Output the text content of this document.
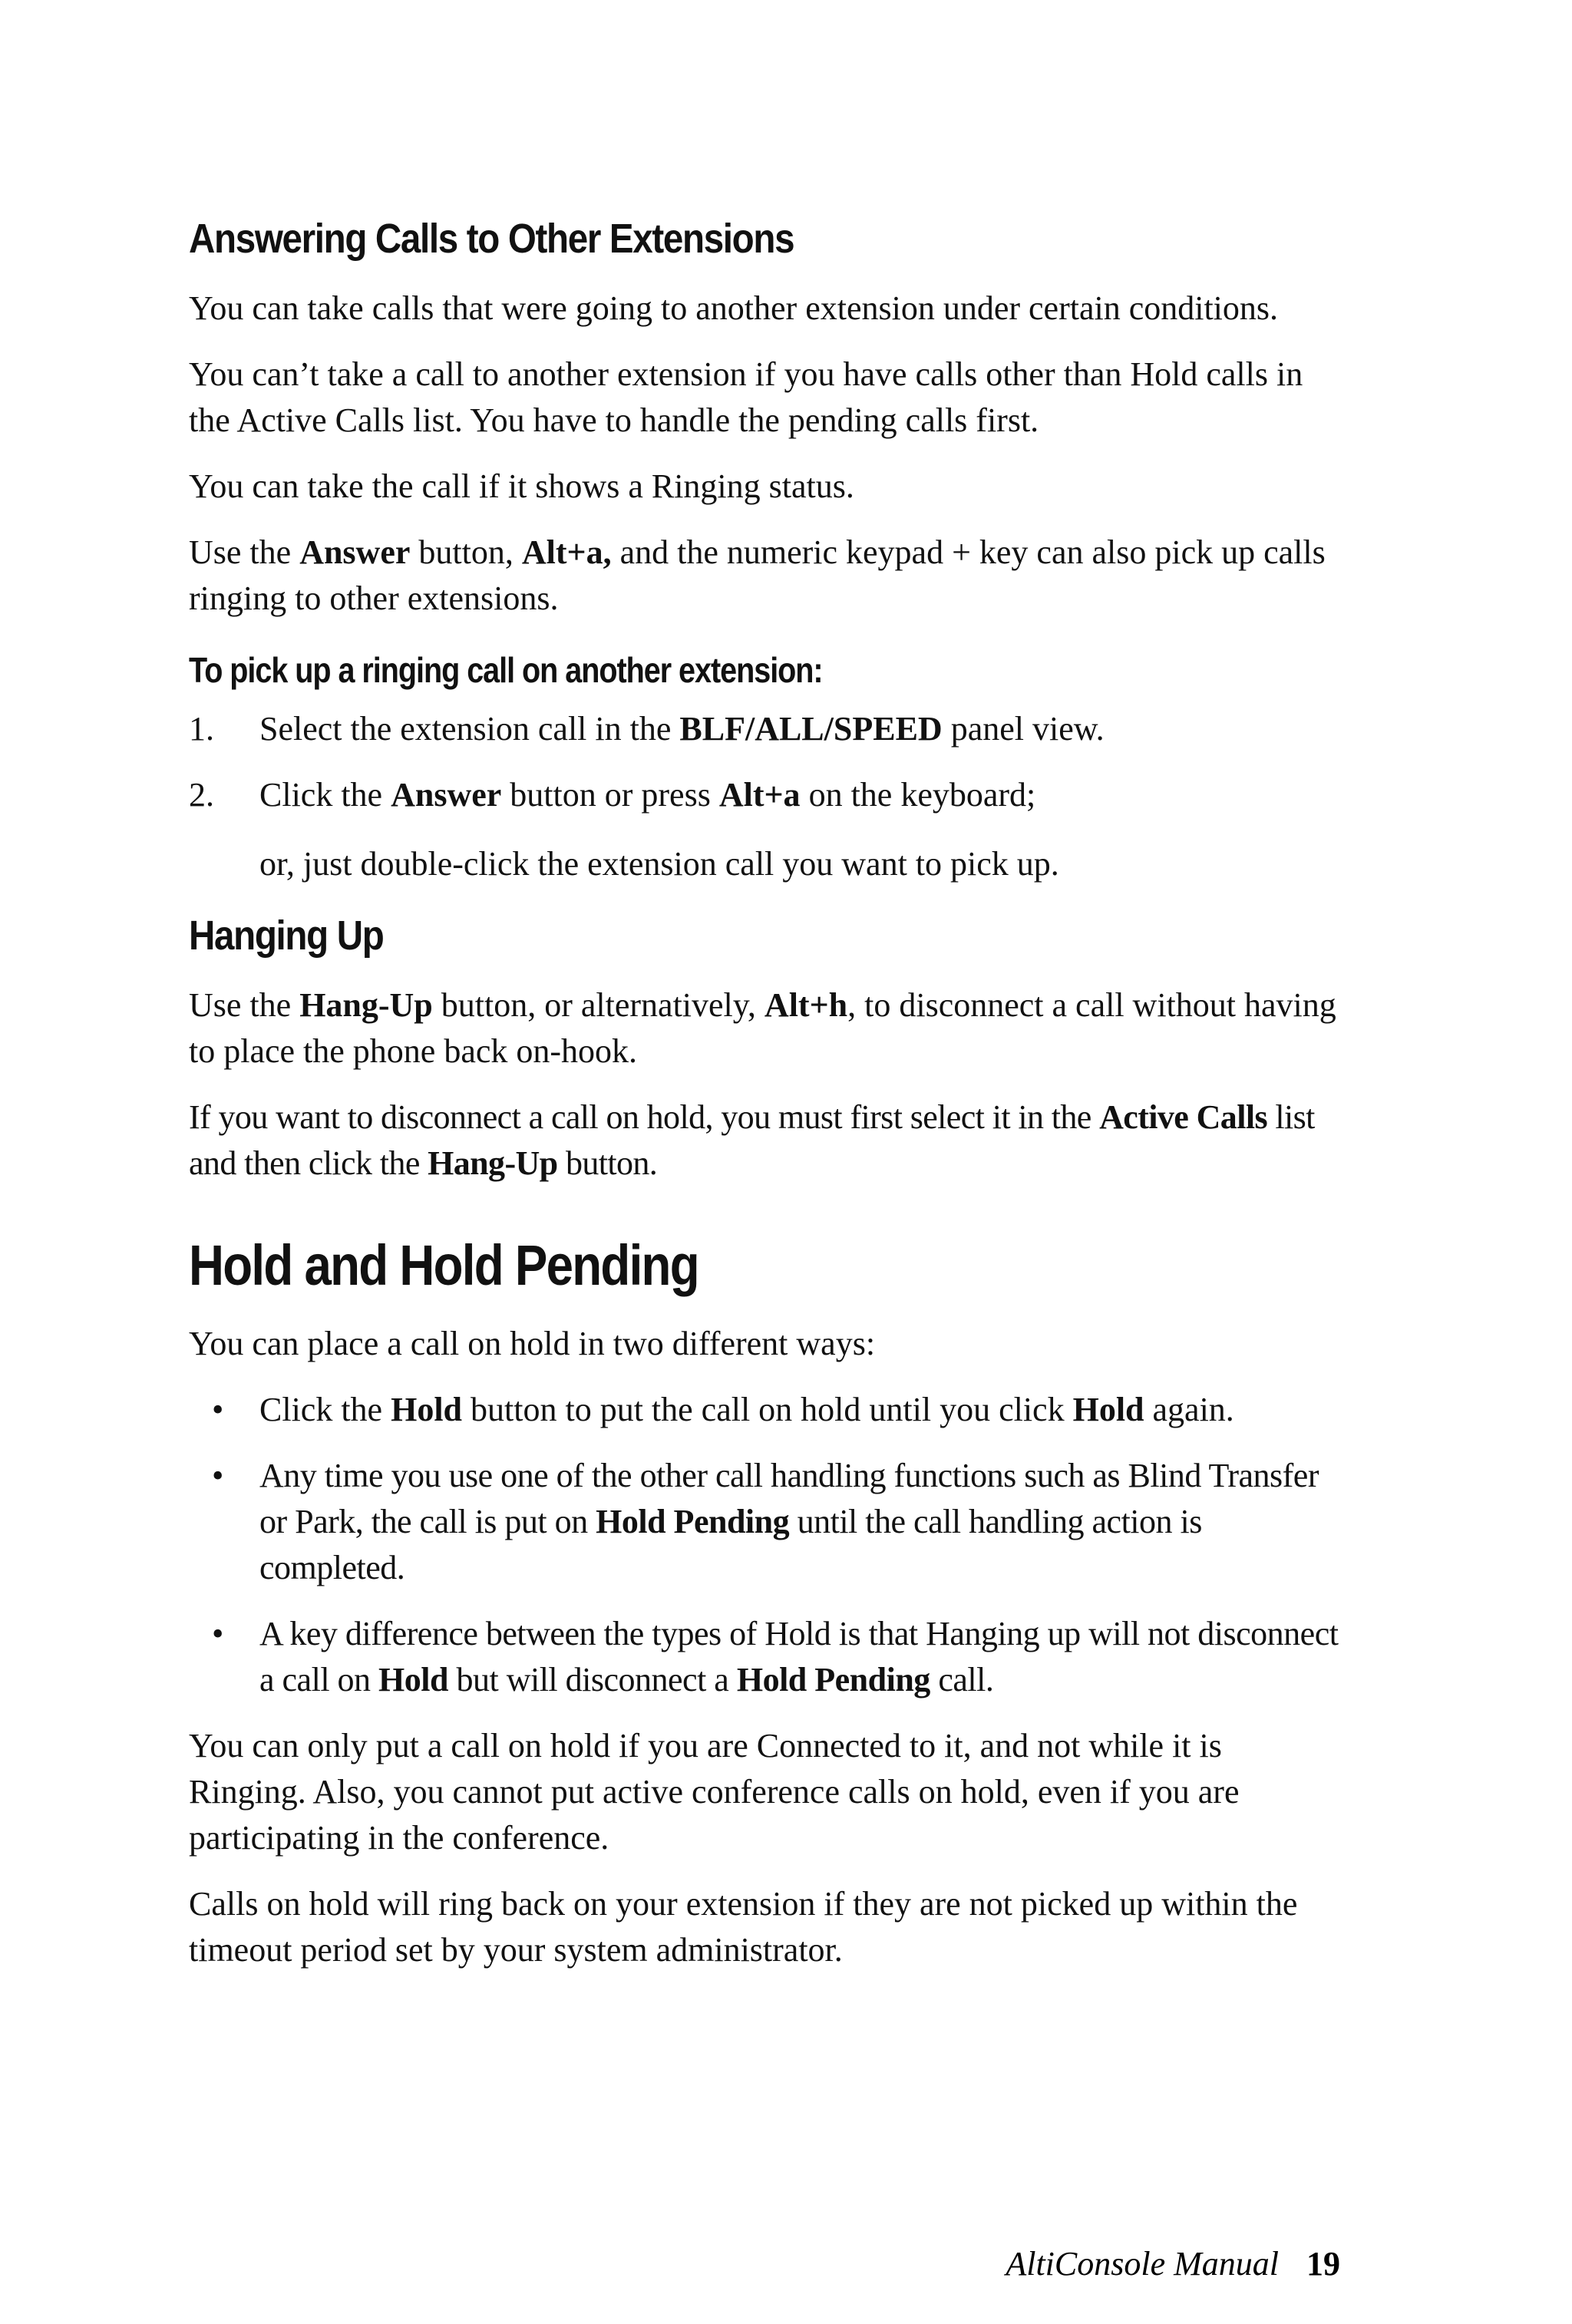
Answering Calls to Other Extensions

You can take calls that were going to another extension under certain conditions.

You can’t take a call to another extension if you have calls other than Hold calls in the Active Calls list. You have to handle the pending calls first.

You can take the call if it shows a Ringing status.

Use the Answer button, Alt+a, and the numeric keypad + key can also pick up calls ringing to other extensions.

To pick up a ringing call on another extension:
1. Select the extension call in the BLF/ALL/SPEED panel view.
2. Click the Answer button or press Alt+a on the keyboard;

or, just double-click the extension call you want to pick up.

Hanging Up

Use the Hang-Up button, or alternatively, Alt+h, to disconnect a call without having to place the phone back on-hook.

If you want to disconnect a call on hold, you must first select it in the Active Calls list and then click the Hang-Up button.

Hold and Hold Pending

You can place a call on hold in two different ways:

• Click the Hold button to put the call on hold until you click Hold again.
• Any time you use one of the other call handling functions such as Blind Transfer or Park, the call is put on Hold Pending until the call handling action is completed.
• A key difference between the types of Hold is that Hanging up will not disconnect a call on Hold but will disconnect a Hold Pending call.

You can only put a call on hold if you are Connected to it, and not while it is Ringing. Also, you cannot put active conference calls on hold, even if you are participating in the conference.

Calls on hold will ring back on your extension if they are not picked up within the timeout period set by your system administrator.

AltiConsole Manual 19
